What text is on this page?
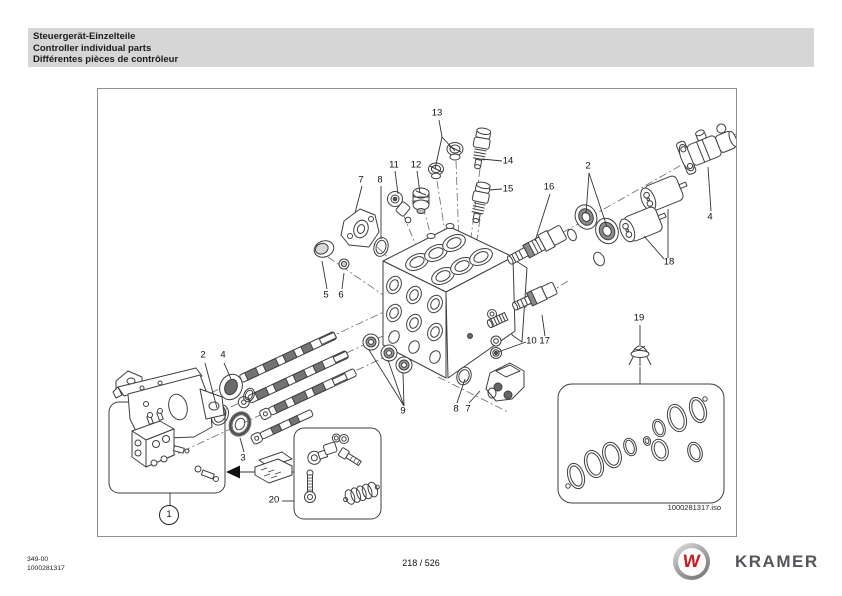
Steuergerät-Einzelteile
Controller individual parts
Différentes pièces de contrôleur
1000281317.iso
13
14
15
11 12
7 8
5 6
16
2
18
4
2 4
3
9
10 17
19
1
20
8 7
349-00
1000281317
218 / 526	W KRAMER
